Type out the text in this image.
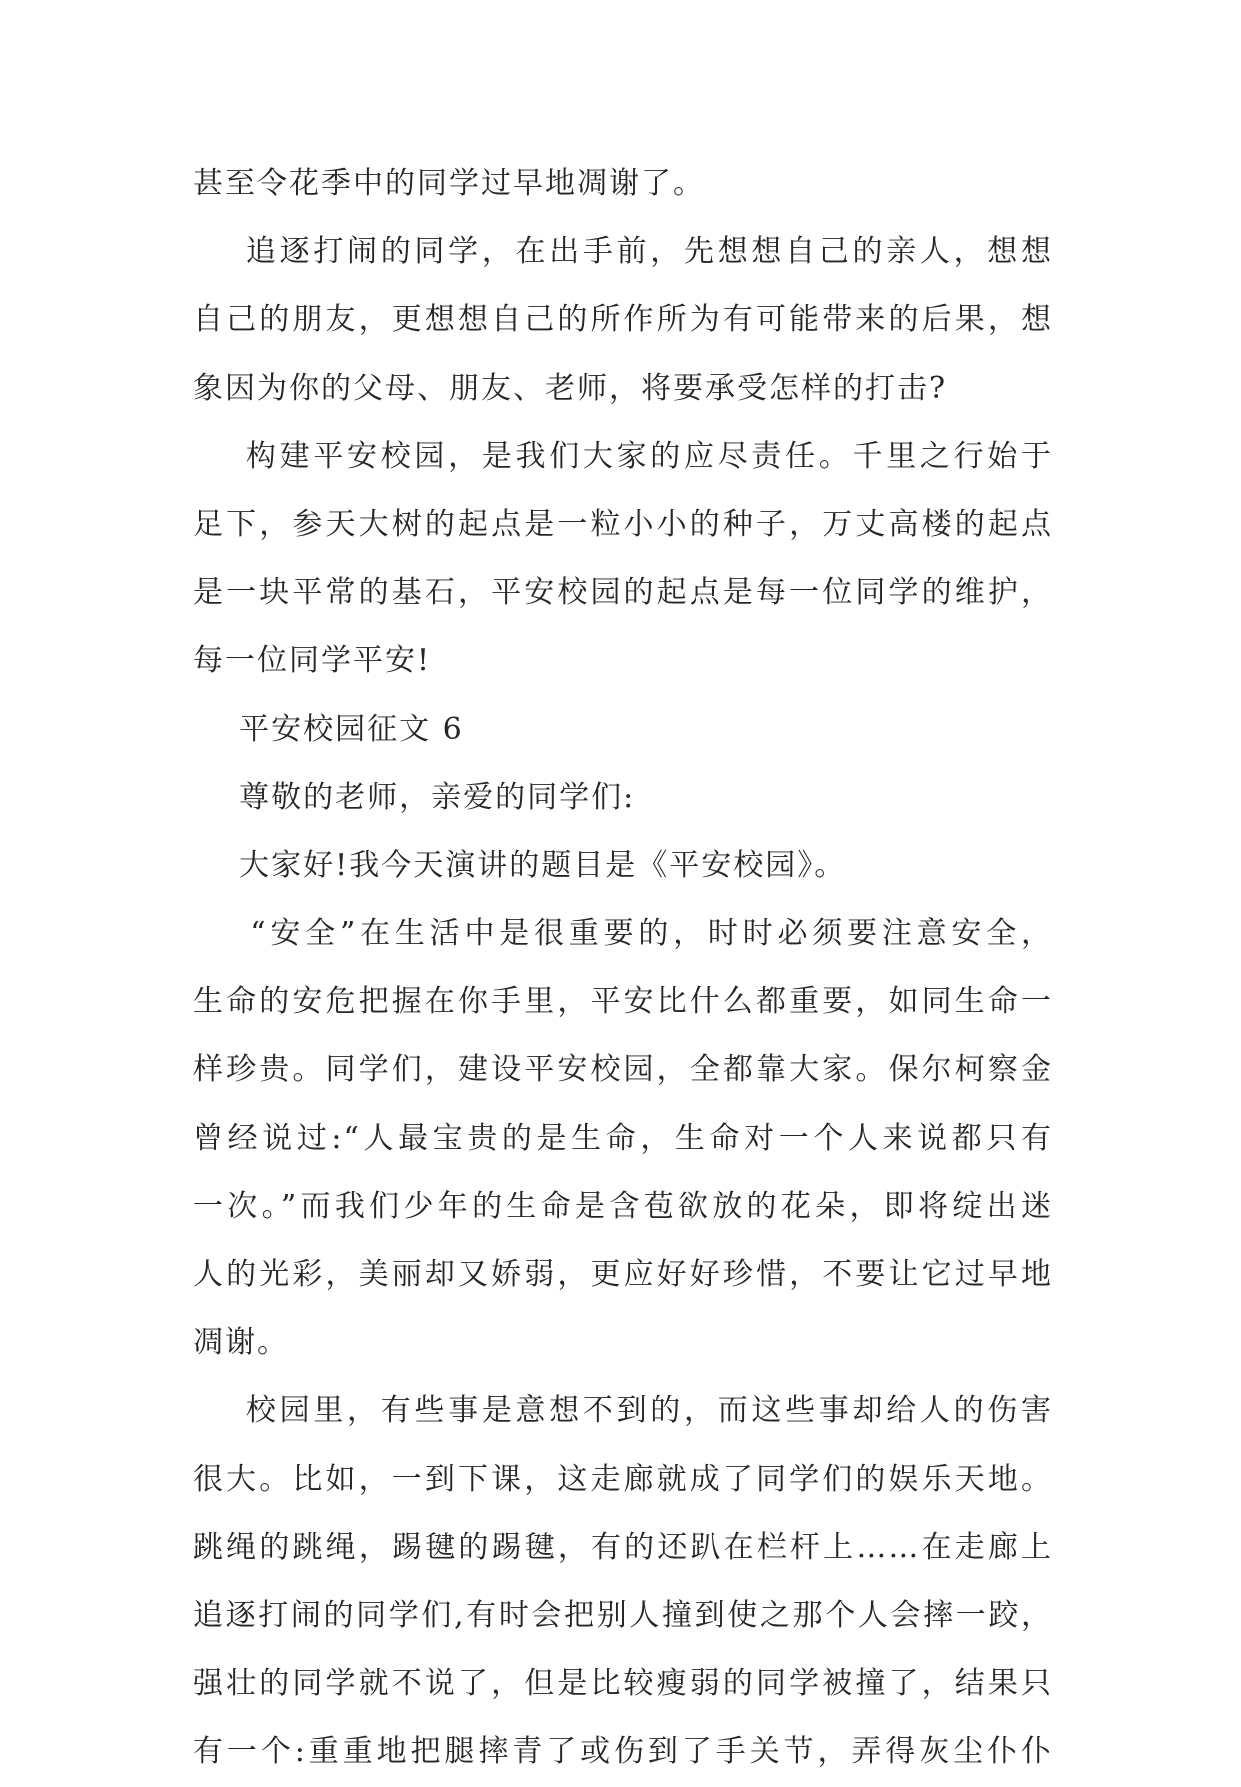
甚至令花季中的同学过早地凋谢了。
追逐打闹的同学，在出手前，先想想自己的亲人，想想
自己的朋友，更想想自己的所作所为有可能带来的后果，想
象因为你的父母、朋友、老师，将要承受怎样的打击?
构建平安校园，是我们大家的应尽责任。千里之行始于
足下，参天大树的起点是一粒小小的种子，万丈高楼的起点
是一块平常的基石，平安校园的起点是每一位同学的维护，
每一位同学平安!
平安校园征文 6
尊敬的老师，亲爱的同学们:
大家好!我今天演讲的题目是《平安校园》。
“安全”在生活中是很重要的，时时必须要注意安全，
生命的安危把握在你手里，平安比什么都重要，如同生命一
样珍贵。同学们，建设平安校园，全都靠大家。保尔柯察金
曾经说过:“人最宝贵的是生命，生命对一个人来说都只有
一次。”而我们少年的生命是含苞欲放的花朵，即将绽出迷
人的光彩，美丽却又娇弱，更应好好珍惜，不要让它过早地
凋谢。
校园里，有些事是意想不到的，而这些事却给人的伤害
很大。比如，一到下课，这走廊就成了同学们的娱乐天地。
跳绳的跳绳，踢毽的踢毽，有的还趴在栏杆上……在走廊上
追逐打闹的同学们,有时会把别人撞到使之那个人会摔一跤，
强壮的同学就不说了，但是比较瘦弱的同学被撞了，结果只
有一个:重重地把腿摔青了或伤到了手关节，弄得灰尘仆仆
